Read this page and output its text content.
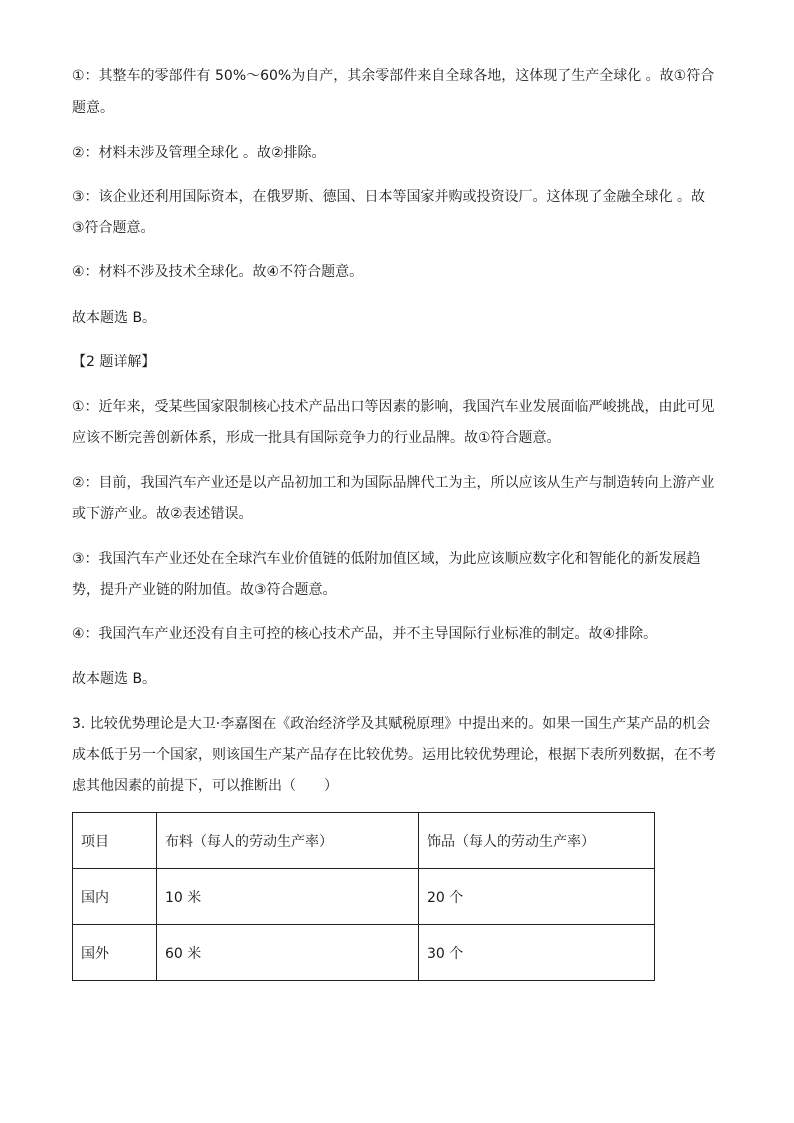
①：其整车的零部件有 50%～60%为自产，其余零部件来自全球各地，这体现了生产全球化 。故①符合
题意。
②：材料未涉及管理全球化 。故②排除。
③：该企业还利用国际资本，在俄罗斯、德国、日本等国家并购或投资设厂。这体现了金融全球化 。故
③符合题意。
④：材料不涉及技术全球化。故④不符合题意。
故本题选 B。
【2 题详解】
①：近年来，受某些国家限制核心技术产品出口等因素的影响，我国汽车业发展面临严峻挑战，由此可见
应该不断完善创新体系，形成一批具有国际竞争力的行业品牌。故①符合题意。
②：目前，我国汽车产业还是以产品初加工和为国际品牌代工为主，所以应该从生产与制造转向上游产业
或下游产业。故②表述错误。
③：我国汽车产业还处在全球汽车业价值链的低附加值区域，为此应该顺应数字化和智能化的新发展趋
势，提升产业链的附加值。故③符合题意。
④：我国汽车产业还没有自主可控的核心技术产品，并不主导国际行业标准的制定。故④排除。
故本题选 B。
3. 比较优势理论是大卫·李嘉图在《政治经济学及其赋税原理》中提出来的。如果一国生产某产品的机会
成本低于另一个国家，则该国生产某产品存在比较优势。运用比较优势理论，根据下表所列数据，在不考
虑其他因素的前提下，可以推断出（　　）
项目	布料（每人的劳动生产率）	饰品（每人的劳动生产率）
国内	10 米	20 个
国外	60 米	30 个
